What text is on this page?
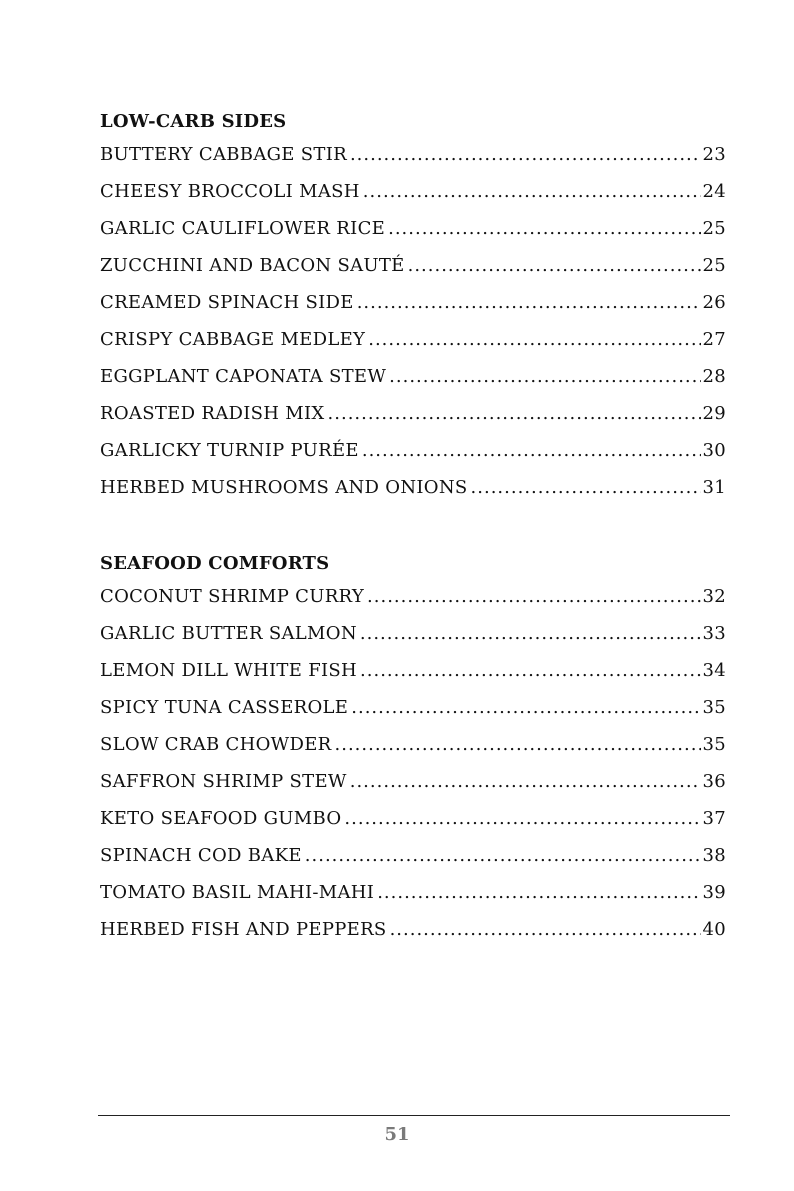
LOW-CARB SIDES
BUTTERY CABBAGE STIR .....	23
CHEESY BROCCOLI MASH .....	24
GARLIC CAULIFLOWER RICE .....	25
ZUCCHINI AND BACON SAUTÉ .....	25
CREAMED SPINACH SIDE .....	26
CRISPY CABBAGE MEDLEY .....	27
EGGPLANT CAPONATA STEW .....	28
ROASTED RADISH MIX .....	29
GARLICKY TURNIP PURÉE .....	30
HERBED MUSHROOMS AND ONIONS .....	31
SEAFOOD COMFORTS
COCONUT SHRIMP CURRY .....	32
GARLIC BUTTER SALMON .....	33
LEMON DILL WHITE FISH .....	34
SPICY TUNA CASSEROLE .....	35
SLOW CRAB CHOWDER .....	35
SAFFRON SHRIMP STEW .....	36
KETO SEAFOOD GUMBO .....	37
SPINACH COD BAKE .....	38
TOMATO BASIL MAHI-MAHI .....	39
HERBED FISH AND PEPPERS .....	40
51
